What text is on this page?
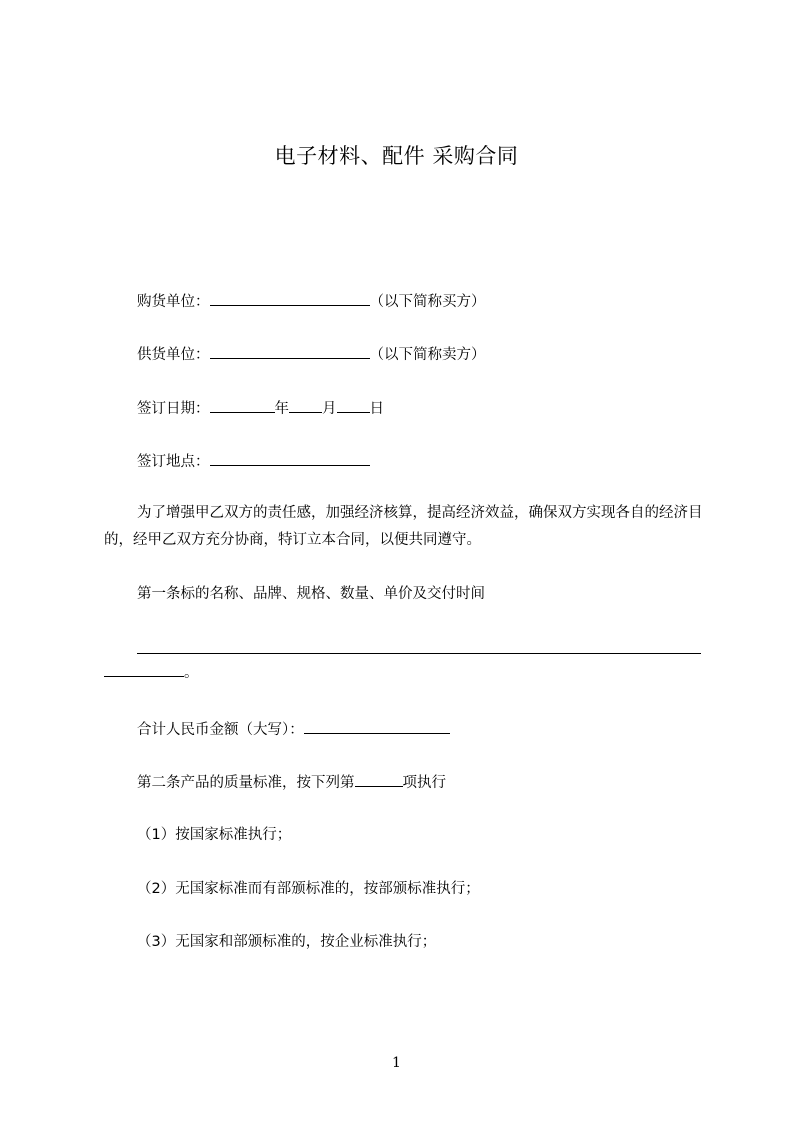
电子材料、配件 采购合同
购货单位：	（以下简称买方）
供货单位：	（以下简称卖方）
签订日期：	年 月 日
签订地点：
为了增强甲乙双方的责任感，加强经济核算，提高经济效益，确保双方实现各自的经济目的，经甲乙双方充分协商，特订立本合同，以便共同遵守。
第一条标的名称、品牌、规格、数量、单价及交付时间
。
合计人民币金额（大写）：
第二条产品的质量标准，按下列第	项执行
（1）按国家标准执行；
（2）无国家标准而有部颁标准的，按部颁标准执行；
（3）无国家和部颁标准的，按企业标准执行；
1
